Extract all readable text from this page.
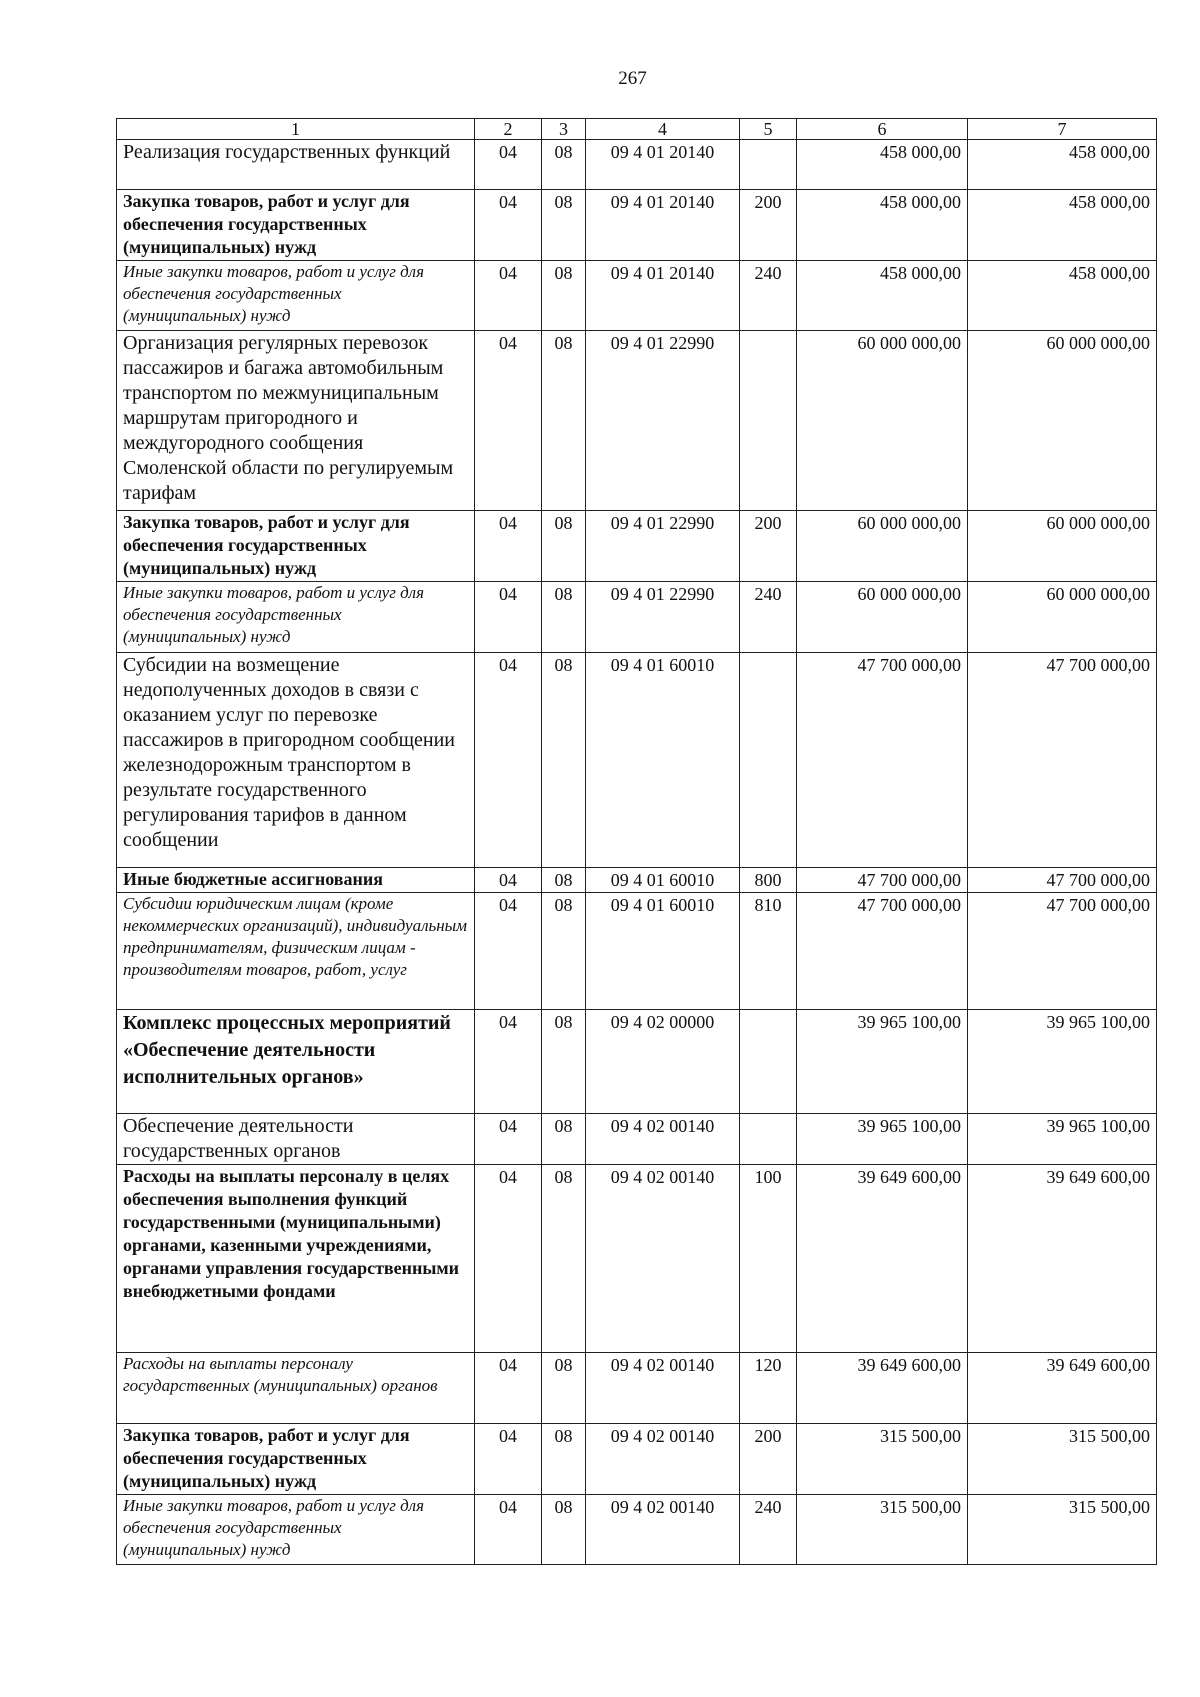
267
1	2	3	4	5	6	7
Реализация государственных функций	04	08	09 4 01 20140		458 000,00	458 000,00
Закупка товаров, работ и услуг для обеспечения государственных (муниципальных) нужд	04	08	09 4 01 20140	200	458 000,00	458 000,00
Иные закупки товаров, работ и услуг для обеспечения государственных (муниципальных) нужд	04	08	09 4 01 20140	240	458 000,00	458 000,00
Организация регулярных перевозок пассажиров и багажа автомобильным транспортом по межмуниципальным маршрутам пригородного и междугородного сообщения Смоленской области по регулируемым тарифам	04	08	09 4 01 22990		60 000 000,00	60 000 000,00
Закупка товаров, работ и услуг для обеспечения государственных (муниципальных) нужд	04	08	09 4 01 22990	200	60 000 000,00	60 000 000,00
Иные закупки товаров, работ и услуг для обеспечения государственных (муниципальных) нужд	04	08	09 4 01 22990	240	60 000 000,00	60 000 000,00
Субсидии на возмещение недополученных доходов в связи с оказанием услуг по перевозке пассажиров в пригородном сообщении железнодорожным транспортом в результате государственного регулирования тарифов в данном сообщении	04	08	09 4 01 60010		47 700 000,00	47 700 000,00
Иные бюджетные ассигнования	04	08	09 4 01 60010	800	47 700 000,00	47 700 000,00
Субсидии юридическим лицам (кроме некоммерческих организаций), индивидуальным предпринимателям, физическим лицам - производителям товаров, работ, услуг	04	08	09 4 01 60010	810	47 700 000,00	47 700 000,00
Комплекс процессных мероприятий «Обеспечение деятельности исполнительных органов»	04	08	09 4 02 00000		39 965 100,00	39 965 100,00
Обеспечение деятельности государственных органов	04	08	09 4 02 00140		39 965 100,00	39 965 100,00
Расходы на выплаты персоналу в целях обеспечения выполнения функций государственными (муниципальными) органами, казенными учреждениями, органами управления государственными внебюджетными фондами	04	08	09 4 02 00140	100	39 649 600,00	39 649 600,00
Расходы на выплаты персоналу государственных (муниципальных) органов	04	08	09 4 02 00140	120	39 649 600,00	39 649 600,00
Закупка товаров, работ и услуг для обеспечения государственных (муниципальных) нужд	04	08	09 4 02 00140	200	315 500,00	315 500,00
Иные закупки товаров, работ и услуг для обеспечения государственных (муниципальных) нужд	04	08	09 4 02 00140	240	315 500,00	315 500,00
